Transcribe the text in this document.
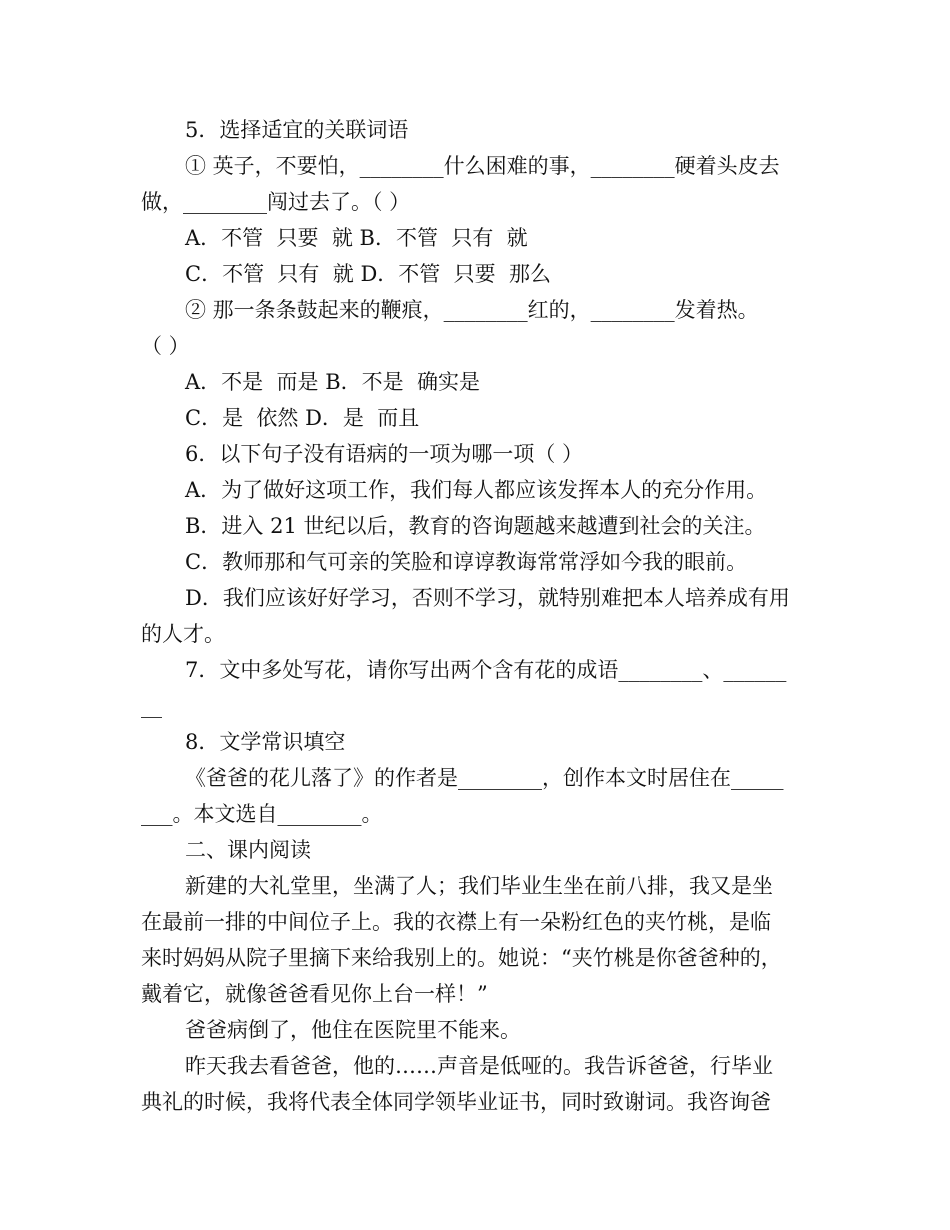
5．选择适宜的关联词语
① 英子，不要怕，________什么困难的事，________硬着头皮去
做，________闯过去了。（ ）
A．不管  只要  就 B．不管  只有  就
C．不管  只有  就 D．不管  只要  那么
② 那一条条鼓起来的鞭痕，________红的，________发着热。
（ ）
A．不是  而是 B．不是  确实是
C．是  依然 D．是  而且
6．以下句子没有语病的一项为哪一项（ ）
A．为了做好这项工作，我们每人都应该发挥本人的充分作用。
B．进入 21 世纪以后，教育的咨询题越来越遭到社会的关注。
C．教师那和气可亲的笑脸和谆谆教诲常常浮如今我的眼前。
D．我们应该好好学习，否则不学习，就特别难把本人培养成有用
的人才。
7．文中多处写花，请你写出两个含有花的成语________、______
__
8．文学常识填空
《爸爸的花儿落了》的作者是________，创作本文时居住在_____
___。本文选自________。
二、课内阅读
新建的大礼堂里，坐满了人；我们毕业生坐在前八排，我又是坐
在最前一排的中间位子上。我的衣襟上有一朵粉红色的夹竹桃，是临
来时妈妈从院子里摘下来给我别上的。她说：“夹竹桃是你爸爸种的，
戴着它，就像爸爸看见你上台一样！”
爸爸病倒了，他住在医院里不能来。
昨天我去看爸爸，他的……声音是低哑的。我告诉爸爸，行毕业
典礼的时候，我将代表全体同学领毕业证书，同时致谢词。我咨询爸
